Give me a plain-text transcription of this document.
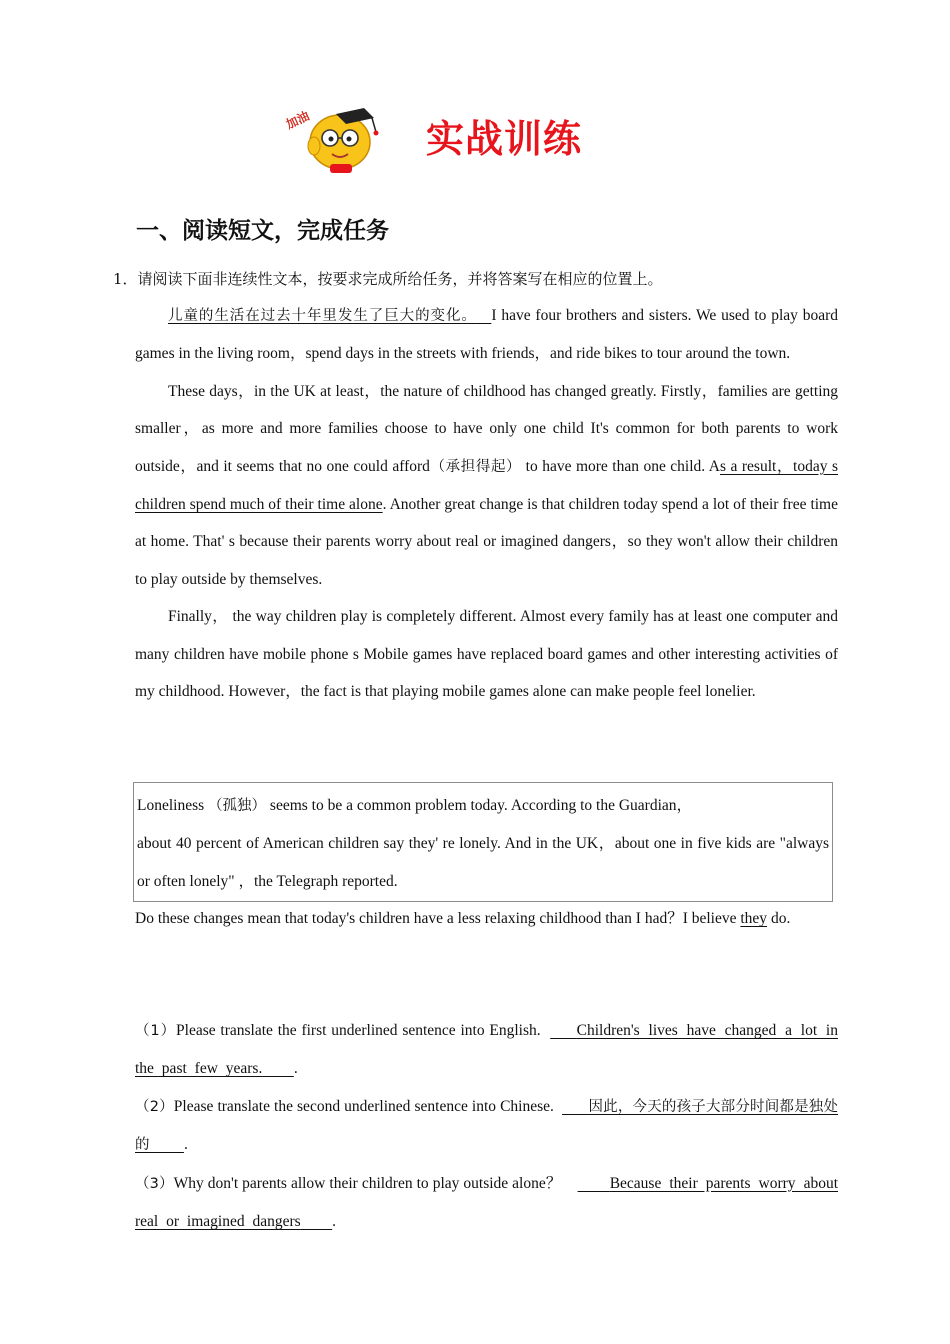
加油	实战训练
一、阅读短文，完成任务
1．请阅读下面非连续性文本，按要求完成所给任务，并将答案写在相应的位置上。

儿童的生活在过去十年里发生了巨大的变化。 I have four brothers and sisters. We used to play board games in the living room，spend days in the streets with friends，and ride bikes to tour around the town.

These days，in the UK at least，the nature of childhood has changed greatly. Firstly，families are getting smaller，as more and more families choose to have only one child It's common for both parents to work outside，and it seems that no one could afford（承担得起） to have more than one child. As a result，today s children spend much of their time alone. Another great change is that children today spend a lot of their free time at home. That' s because their parents worry about real or imagined dangers，so they won't allow their children to play outside by themselves.

Finally， the way children play is completely different. Almost every family has at least one computer and many children have mobile phone s Mobile games have replaced board games and other interesting activities of my childhood. However，the fact is that playing mobile games alone can make people feel lonelier.

Loneliness （孤独） seems to be a common problem today. According to the Guardian，

about 40 percent of American children say they' re lonely. And in the UK，about one in five kids are "always or often lonely" ，the Telegraph reported.

Do these changes mean that today's children have a less relaxing childhood than I had？I believe they do.

（1）Please translate the first underlined sentence into English. Children's lives have changed a lot in the past few years. .

（2）Please translate the second underlined sentence into Chinese. 因此，今天的孩子大部分时间都是独处的 .

（3）Why don't parents allow their children to play outside alone？	Because their parents worry about real or imagined dangers .
